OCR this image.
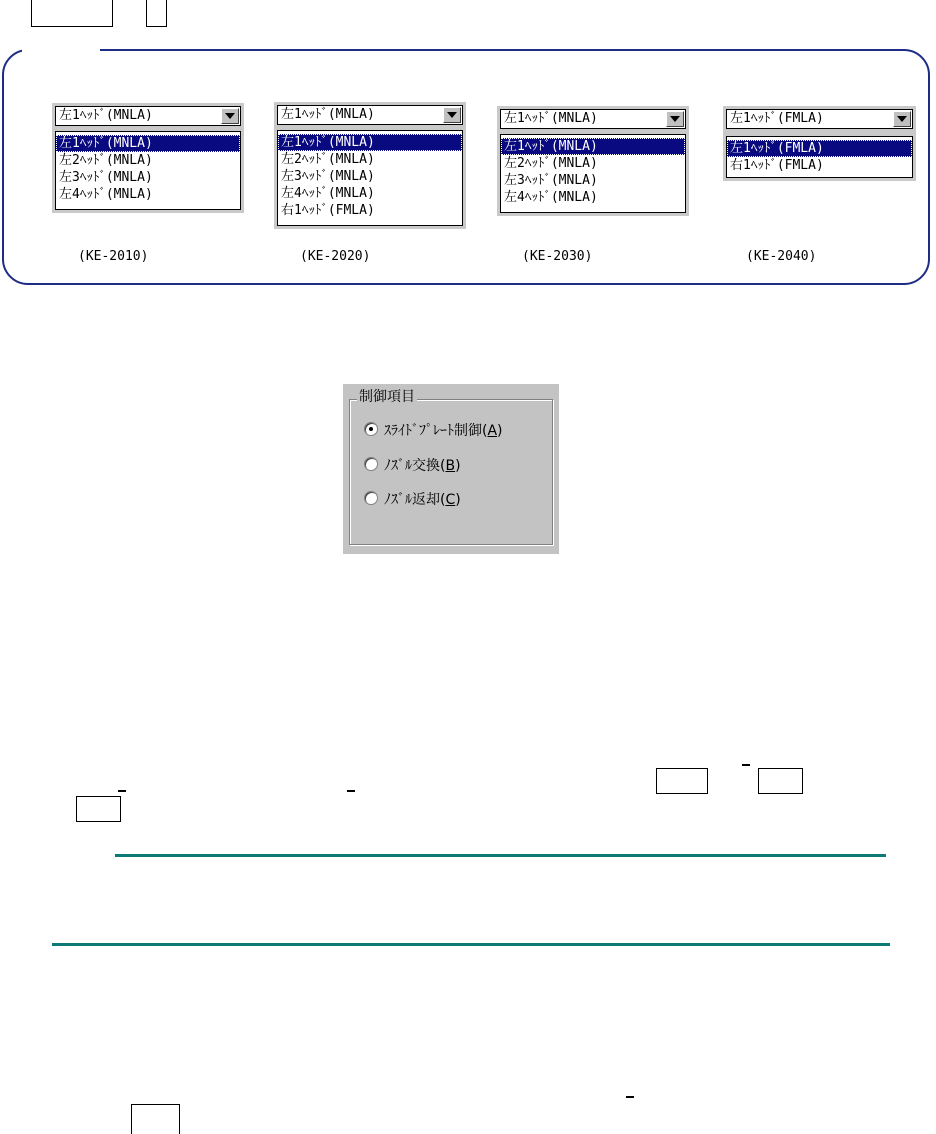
左1ﾍｯﾄﾞ(MNLA)
左1ﾍｯﾄﾞ(MNLA)
左2ﾍｯﾄﾞ(MNLA)
左3ﾍｯﾄﾞ(MNLA)
左4ﾍｯﾄﾞ(MNLA)
(KE-2010)
左1ﾍｯﾄﾞ(MNLA)
左1ﾍｯﾄﾞ(MNLA)
左2ﾍｯﾄﾞ(MNLA)
左3ﾍｯﾄﾞ(MNLA)
左4ﾍｯﾄﾞ(MNLA)
右1ﾍｯﾄﾞ(FMLA)
(KE-2020)
左1ﾍｯﾄﾞ(MNLA)
左1ﾍｯﾄﾞ(MNLA)
左2ﾍｯﾄﾞ(MNLA)
左3ﾍｯﾄﾞ(MNLA)
左4ﾍｯﾄﾞ(MNLA)
(KE-2030)
左1ﾍｯﾄﾞ(FMLA)
左1ﾍｯﾄﾞ(FMLA)
右1ﾍｯﾄﾞ(FMLA)
(KE-2040)
制御項目
ｽﾗｲﾄﾞﾌﾟﾚｰﾄ制御(A)
ﾉｽﾞﾙ交換(B)
ﾉｽﾞﾙ返却(C)
